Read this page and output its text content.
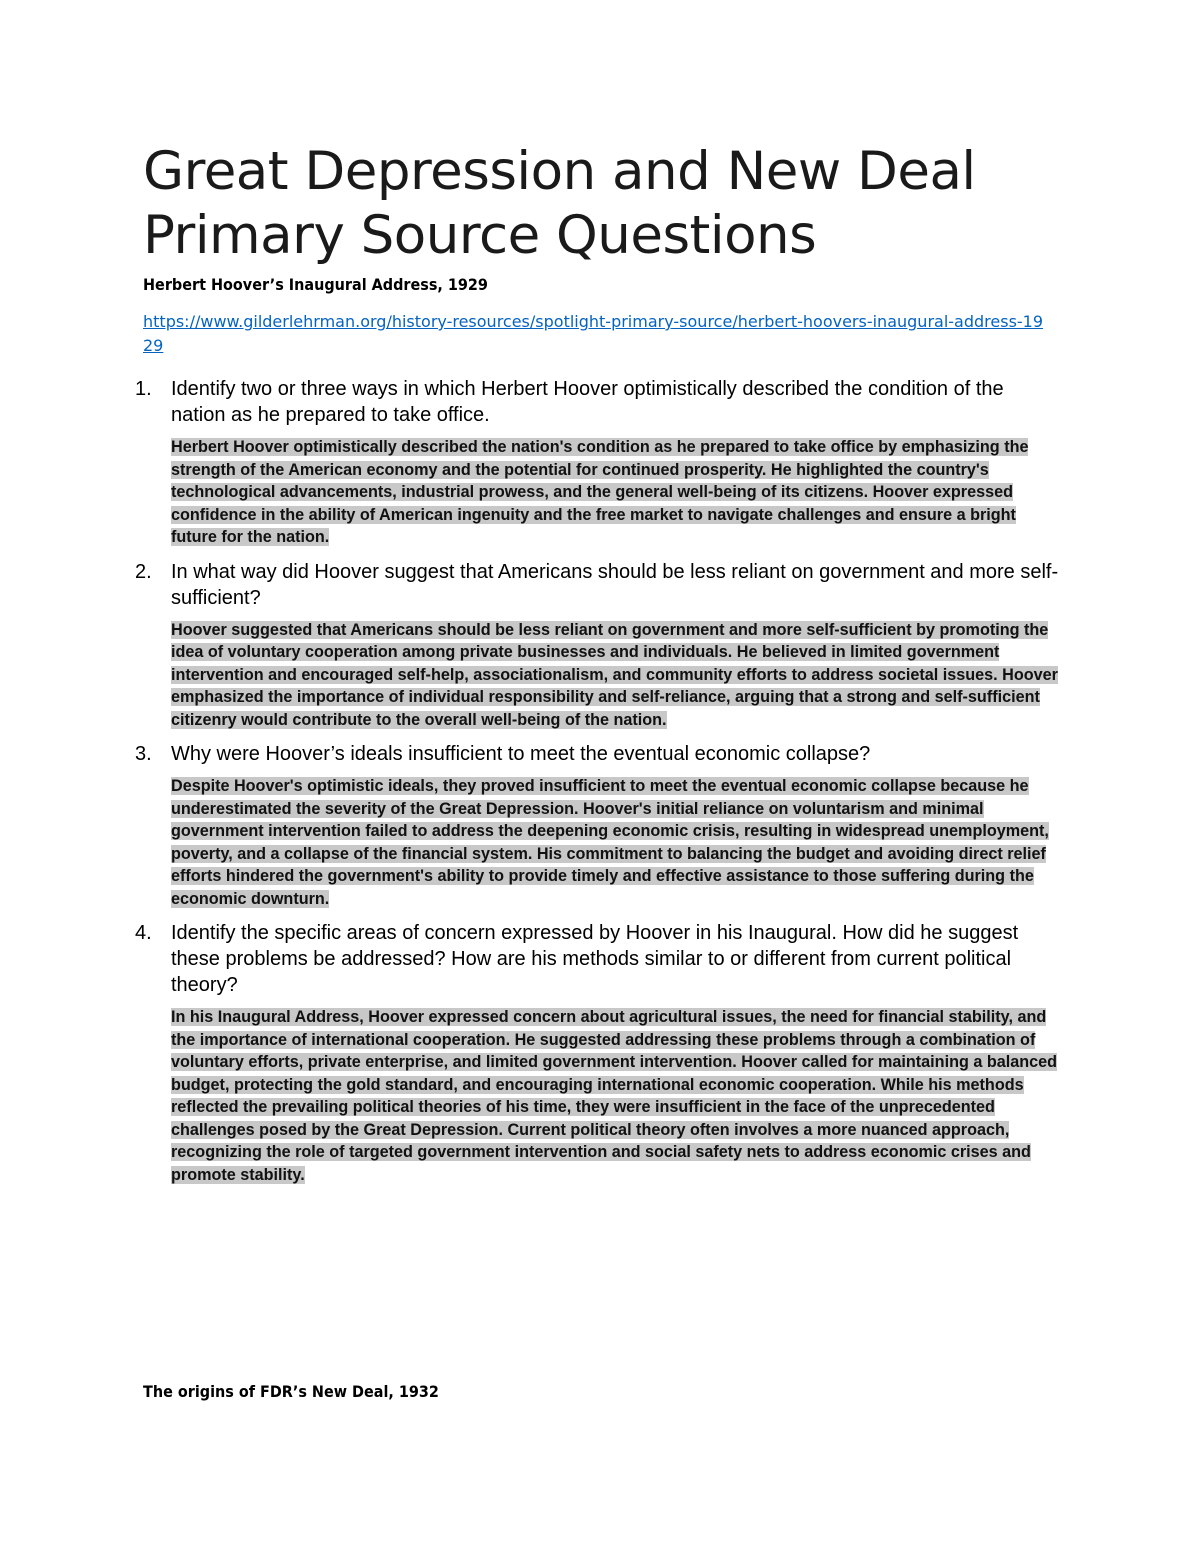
Great Depression and New Deal
Primary Source Questions

Herbert Hoover’s Inaugural Address, 1929

https://www.gilderlehrman.org/history-resources/spotlight-primary-source/herbert-hoovers-inaugural-address-1929
1. Identify two or three ways in which Herbert Hoover optimistically described the condition of the nation as he prepared to take office.

Herbert Hoover optimistically described the nation's condition as he prepared to take office by emphasizing the strength of the American economy and the potential for continued prosperity. He highlighted the country's technological advancements, industrial prowess, and the general well-being of its citizens. Hoover expressed confidence in the ability of American ingenuity and the free market to navigate challenges and ensure a bright future for the nation.

2. In what way did Hoover suggest that Americans should be less reliant on government and more self-sufficient?

Hoover suggested that Americans should be less reliant on government and more self-sufficient by promoting the idea of voluntary cooperation among private businesses and individuals. He believed in limited government intervention and encouraged self-help, associationalism, and community efforts to address societal issues. Hoover emphasized the importance of individual responsibility and self-reliance, arguing that a strong and self-sufficient citizenry would contribute to the overall well-being of the nation.

3. Why were Hoover’s ideals insufficient to meet the eventual economic collapse?

Despite Hoover's optimistic ideals, they proved insufficient to meet the eventual economic collapse because he underestimated the severity of the Great Depression. Hoover's initial reliance on voluntarism and minimal government intervention failed to address the deepening economic crisis, resulting in widespread unemployment, poverty, and a collapse of the financial system. His commitment to balancing the budget and avoiding direct relief efforts hindered the government's ability to provide timely and effective assistance to those suffering during the economic downturn.

4. Identify the specific areas of concern expressed by Hoover in his Inaugural. How did he suggest these problems be addressed? How are his methods similar to or different from current political theory?

In his Inaugural Address, Hoover expressed concern about agricultural issues, the need for financial stability, and the importance of international cooperation. He suggested addressing these problems through a combination of voluntary efforts, private enterprise, and limited government intervention. Hoover called for maintaining a balanced budget, protecting the gold standard, and encouraging international economic cooperation. While his methods reflected the prevailing political theories of his time, they were insufficient in the face of the unprecedented challenges posed by the Great Depression. Current political theory often involves a more nuanced approach, recognizing the role of targeted government intervention and social safety nets to address economic crises and promote stability.

The origins of FDR’s New Deal, 1932
